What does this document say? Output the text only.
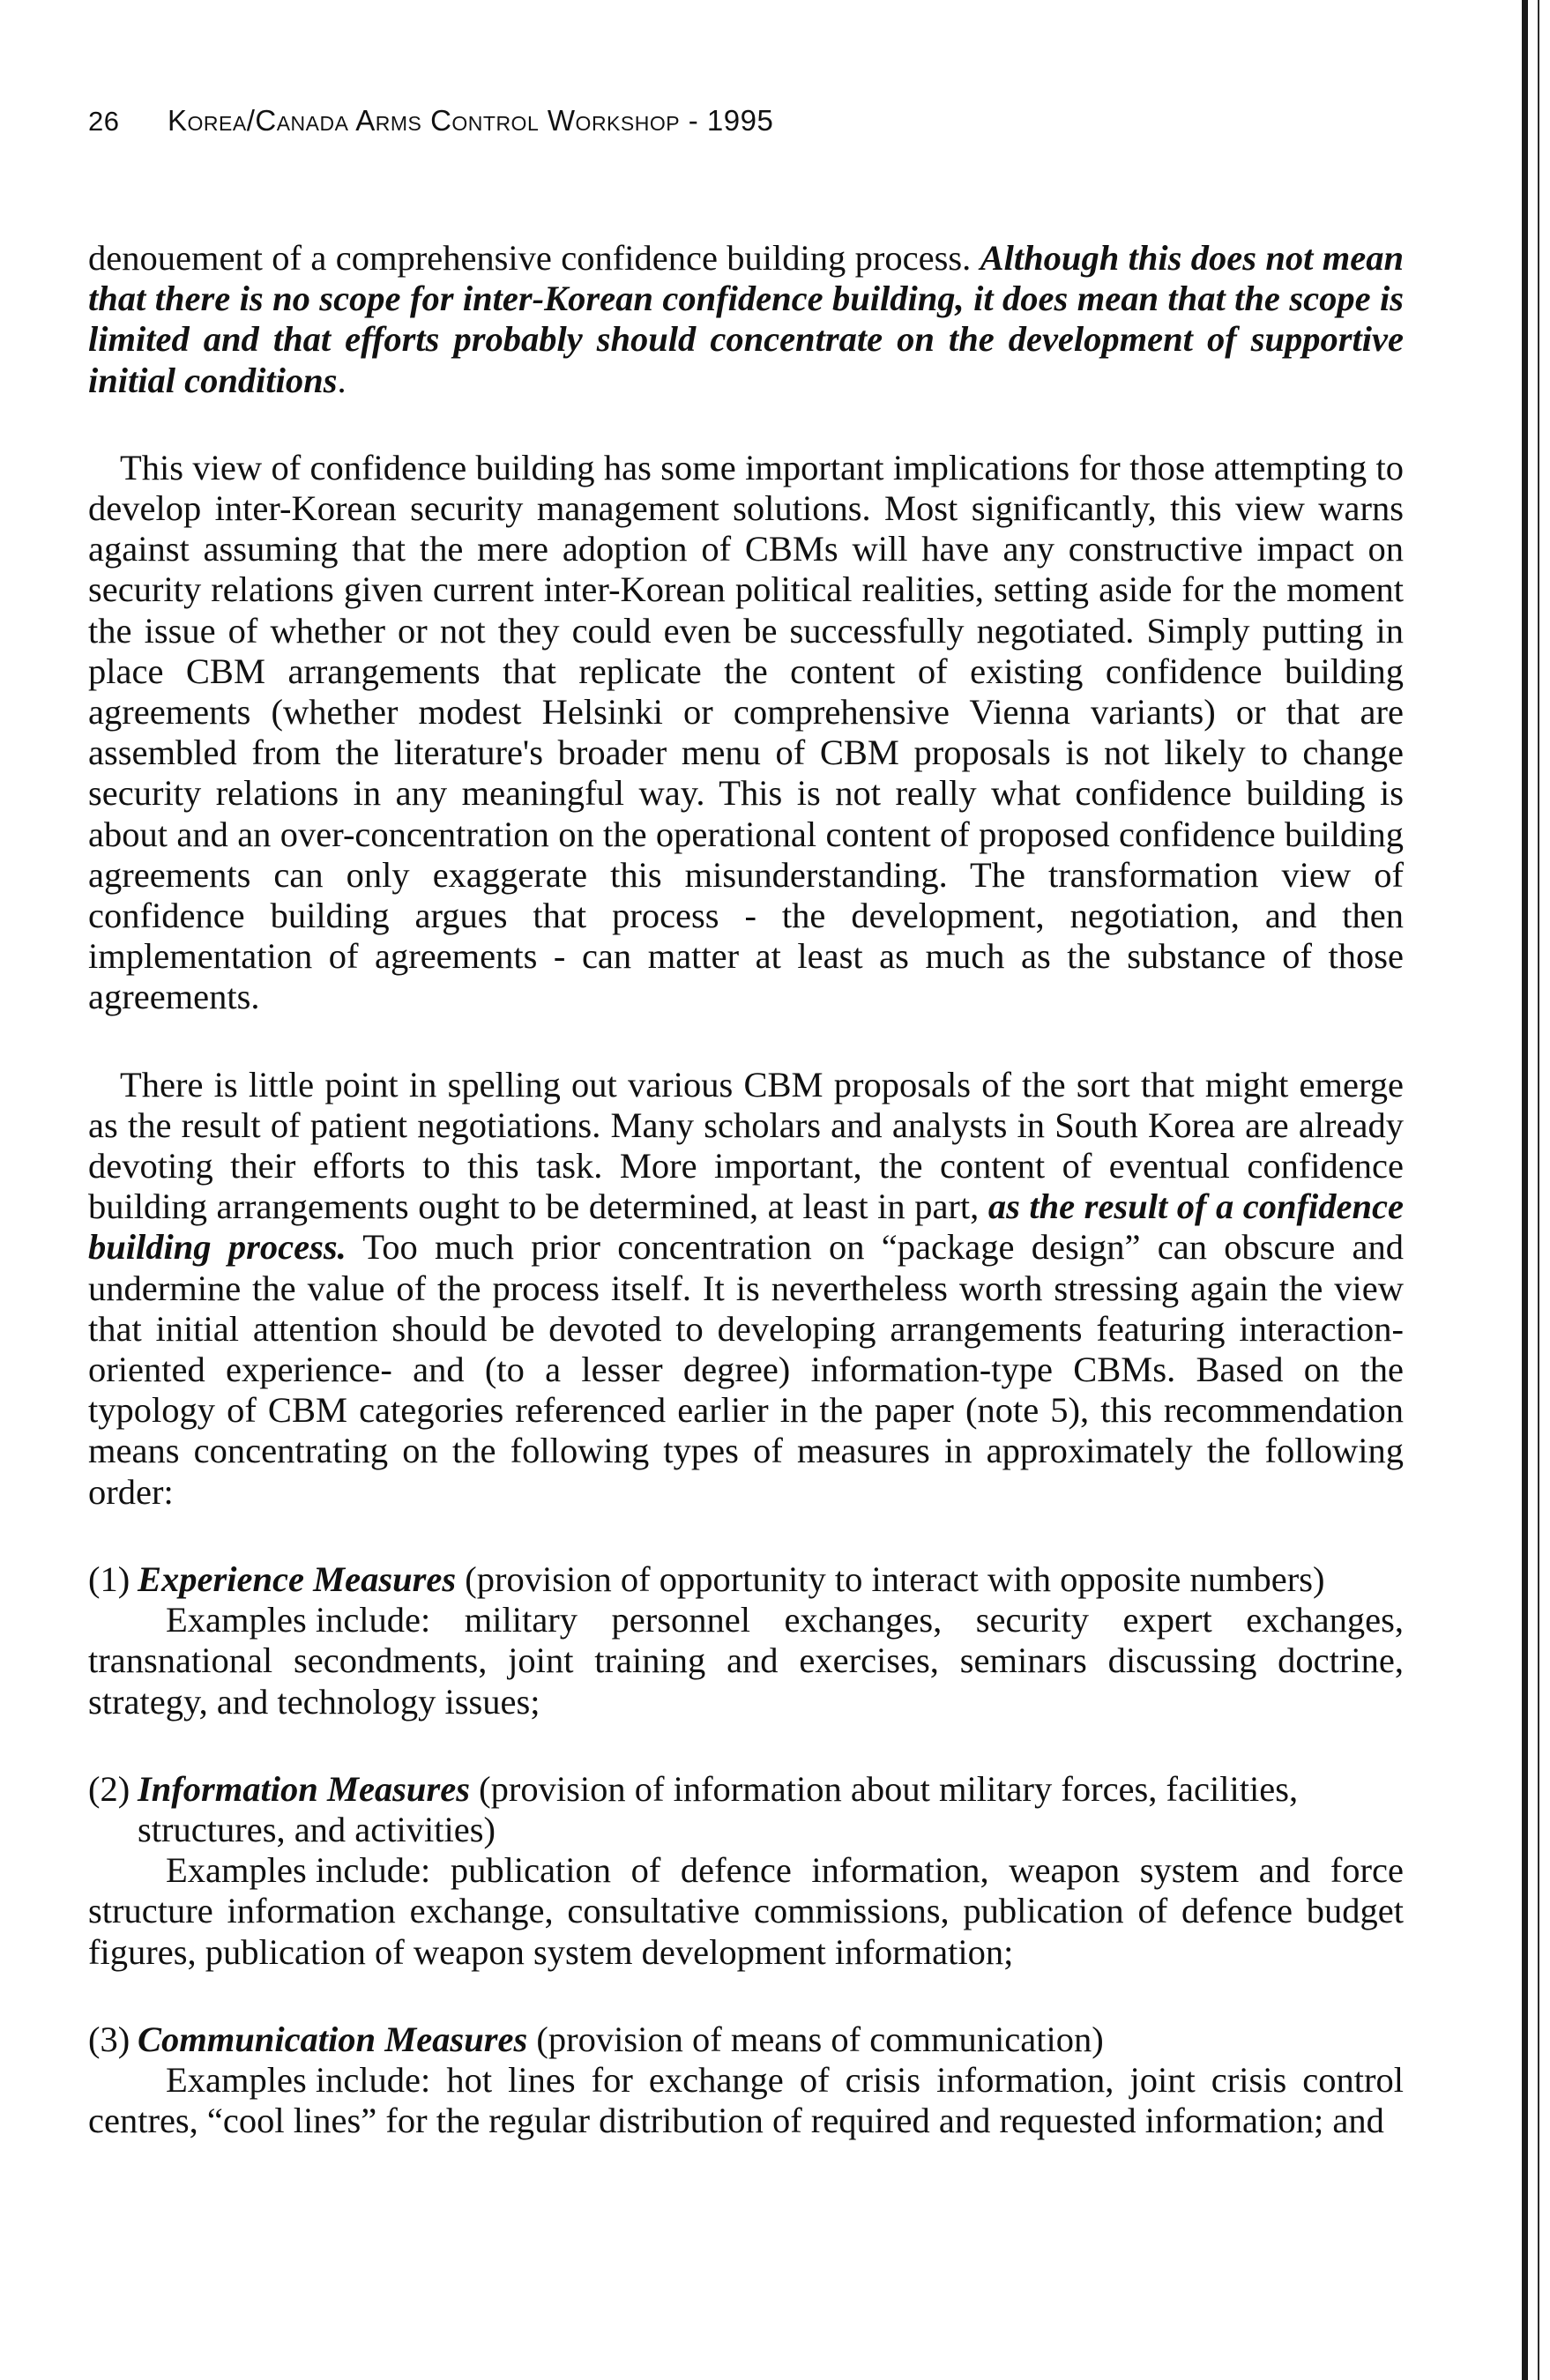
26 Korea/Canada Arms Control Workshop - 1995

denouement of a comprehensive confidence building process. Although this does not mean that there is no scope for inter-Korean confidence building, it does mean that the scope is limited and that efforts probably should concentrate on the development of supportive initial conditions.

This view of confidence building has some important implications for those attempting to develop inter-Korean security management solutions. Most significantly, this view warns against assuming that the mere adoption of CBMs will have any constructive impact on security relations given current inter-Korean political realities, setting aside for the moment the issue of whether or not they could even be successfully negotiated. Simply putting in place CBM arrangements that replicate the content of existing confidence building agreements (whether modest Helsinki or comprehensive Vienna variants) or that are assembled from the literature's broader menu of CBM proposals is not likely to change security relations in any meaningful way. This is not really what confidence building is about and an over-concentration on the operational content of proposed confidence building agreements can only exaggerate this misunderstanding. The transformation view of confidence building argues that process - the development, negotiation, and then implementation of agreements - can matter at least as much as the substance of those agreements.

There is little point in spelling out various CBM proposals of the sort that might emerge as the result of patient negotiations. Many scholars and analysts in South Korea are already devoting their efforts to this task. More important, the content of eventual confidence building arrangements ought to be determined, at least in part, as the result of a confidence building process. Too much prior concentration on “package design” can obscure and undermine the value of the process itself. It is nevertheless worth stressing again the view that initial attention should be devoted to developing arrangements featuring interaction-oriented experience- and (to a lesser degree) information-type CBMs. Based on the typology of CBM categories referenced earlier in the paper (note 5), this recommendation means concentrating on the following types of measures in approximately the following order:

(1) Experience Measures (provision of opportunity to interact with opposite numbers)
Examples include: military personnel exchanges, security expert exchanges, transnational secondments, joint training and exercises, seminars discussing doctrine, strategy, and technology issues;
(2) Information Measures (provision of information about military forces, facilities, structures, and activities)
Examples include: publication of defence information, weapon system and force structure information exchange, consultative commissions, publication of defence budget figures, publication of weapon system development information;
(3) Communication Measures (provision of means of communication)
Examples include: hot lines for exchange of crisis information, joint crisis control centres, “cool lines” for the regular distribution of required and requested information; and
